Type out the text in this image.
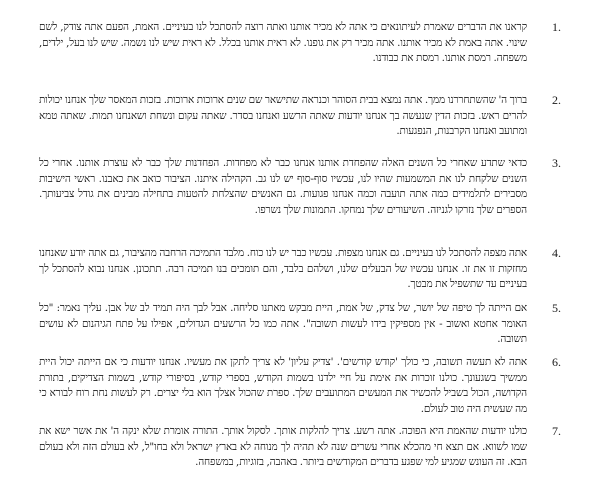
1.
קראנו את הדברים שאמרת לעיתונאים כי אתה לא מכיר אותנו ואתה רוצה להסתכל לנו בעיניים. האמת, הפעם אתה צודק, לשם שינוי. אתה באמת לא מכיר אותנו. אתה מכיר רק את גופנו. לא ראית אותנו בכלל. לא ראית שיש לנו נשמה. שיש לנו בעל, ילדים, משפחה. רמסת אותנו. רמסת את כבודנו.
2.
ברוך ה' שהשתחררנו ממך. אתה נמצא בבית הסוהר וכנראה שתישאר שם שנים ארוכות ארוכות. בזכות המאסר שלך אנחנו יכולות להרים ראש. בזכות הדין שנעשה בך אנחנו יודעות שאתה הרשע ואנחנו בסדר. שאתה עקום ונשחת ושאנחנו תמות. שאתה טמא ומתועב ואנחנו הקרבנות, הנפגעות.
3.
כדאי שתדע שאחרי כל השנים האלה שהפחדת אותנו אנחנו כבר לא מפחדות. הפחדנות שלך כבר לא עוצרת אותנו. אחרי כל השנים שלקחת לנו את המשמעות שהיו לנו, עכשיו סוף-סוף יש לנו גב. הקהילה איתנו. הציבור כואב את כאבנו. ראשי הישיבות מסבירים לתלמידים כמה אתה תועבה וכמה אנחנו פגועות. גם האנשים שהצלחת להטעות בתחילה מבינים את גודל צביעותך. הספרים שלך נזרקו לגניזה. השיעורים שלך נמחקו. התמונות שלך נשרפו.
4.
אתה מצפה להסתכל לנו בעיניים. גם אנחנו מצפות. עכשיו כבר יש לנו כוח. מלבד התמיכה הרחבה מהציבור, גם אתה יודע שאנחנו מחזקות זו את זו. אנחנו עכשיו של הבעלים שלנו, ושלהם בלבד, והם תומכים בנו תמיכה רבה. תתכונן. אנחנו נבוא להסתכל לך בעיניים עד שתשפיל את מבטך.
5.
אם הייתה לך טיפה של יושר, של צדק, של אמת, היית מבקש מאתנו סליחה. אבל לבך היה תמיד לב של אבן. עליך נאמר: "כל האומר אחטא ואשוב - אין מספיקין בידו לעשות תשובה". אתה כמו כל הרשעים הגדולים, אפילו על פתח הגיהנום לא עושים תשובה.
6.
אתה לא תעשה תשובה, כי כולך 'קודש קודשים'. 'צדיק עליון' לא צריך לתקן את מעשיו. אנחנו יודעות כי אם הייתה יכול היית ממשיך בשגעונך. כולנו זוכרות את אימת על חיי ילדנו בשמות הקודש, בספרי קודש, בסיפורי קודש, בשמות הצדיקים, בתורת הקדושה, הכול בשביל להכשיר את המעשים המתועבים שלך. ספרת שהכול אצלך הוא בלי יצרים. רק לעשות נחת רוח לבורא כי מה שעשית היה טוב לעולם.
7.
כולנו יודעות שהאמת היא הפוכה. אתה רשע. צריך להלקות אותך. לסקול אותך. התורה אומרת שלא ינקה ה' את אשר ישא את שמו לשווא. אם תצא חי מהכלא אחרי עשרים שנה לא תהיה לך מנוחה לא בארץ ישראל ולא בחו"ל, לא בעולם הזה ולא בעולם הבא. זה העונש שמגיע למי שפגע בדברים המקודשים ביותר. באהבה, בזוגיות, במשפחה.
